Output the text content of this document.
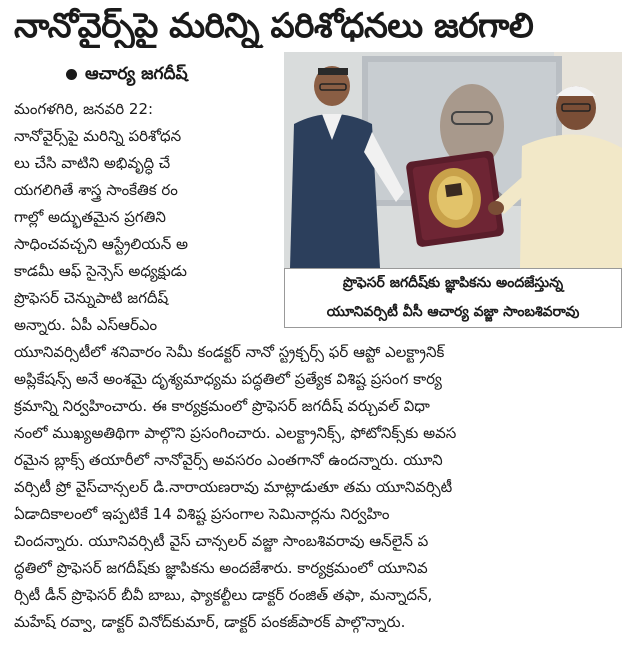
నానోవైర్స్‌పై మరిన్ని పరిశోధనలు జరగాలి
ఆచార్య జగదీష్
మంగళగిరి, జనవరి 22:
నానోవైర్స్‌పై మరిన్ని పరిశోధన
లు చేసి వాటిని అభివృద్ధి చే
యగలిగితే శాస్త్ర సాంకేతిక రం
గాల్లో అద్భుతమైన ప్రగతిని
సాధించవచ్చని ఆస్ట్రేలియన్ అ
కాడమీ ఆఫ్ సైన్సెస్ అధ్యక్షుడు
ప్రొఫెసర్ చెన్నుపాటి జగదీష్
అన్నారు. ఏపీ ఎస్‌ఆర్‌ఎం
ప్రొఫెసర్ జగదీష్‌కు జ్ఞాపికను అందజేస్తున్న
యూనివర్సిటీ వీసీ ఆచార్య వజ్జా సాంబశివరావు
యూనివర్సిటీలో శనివారం సెమీ కండక్టర్ నానో స్ట్రక్చర్స్ ఫర్ ఆప్టో ఎలక్ట్రానిక్
అప్లికేషన్స్ అనే అంశమై దృశ్యమాధ్యమ పద్ధతిలో ప్రత్యేక విశిష్ట ప్రసంగ కార్య
క్రమాన్ని నిర్వహించారు. ఈ కార్యక్రమంలో ప్రొఫెసర్ జగదీష్ వర్చువల్ విధా
నంలో ముఖ్యఅతిథిగా పాల్గొని ప్రసంగించారు. ఎలక్ట్రానిక్స్, ఫోటోనిక్స్‌కు అవస
రమైన బ్లాక్స్ తయారీలో నానోవైర్స్ అవసరం ఎంతగానో ఉందన్నారు. యూని
వర్సిటీ ప్రో వైస్‌చాన్సలర్ డి.నారాయణరావు మాట్లాడుతూ తమ యూనివర్సిటీ
ఏడాదికాలంలో ఇప్పటికే 14 విశిష్ట ప్రసంగాల సెమినార్లను నిర్వహిం
చిందన్నారు. యూనివర్సిటీ వైస్ చాన్సలర్ వజ్జా సాంబశివరావు ఆన్‌లైన్ ప
ద్ధతిలో ప్రొఫెసర్ జగదీష్‌కు జ్ఞాపికను అందజేశారు. కార్యక్రమంలో యూనివ
ర్సిటీ డీన్ ప్రొఫెసర్ బీవీ బాబు, ఫ్యాకల్టీలు డాక్టర్ రంజిత్ తఫా, మన్నాదన్,
మహేష్ రవ్వా, డాక్టర్ వినోద్‌కుమార్, డాక్టర్ పంకజ్‌పారక్ పాల్గొన్నారు.
